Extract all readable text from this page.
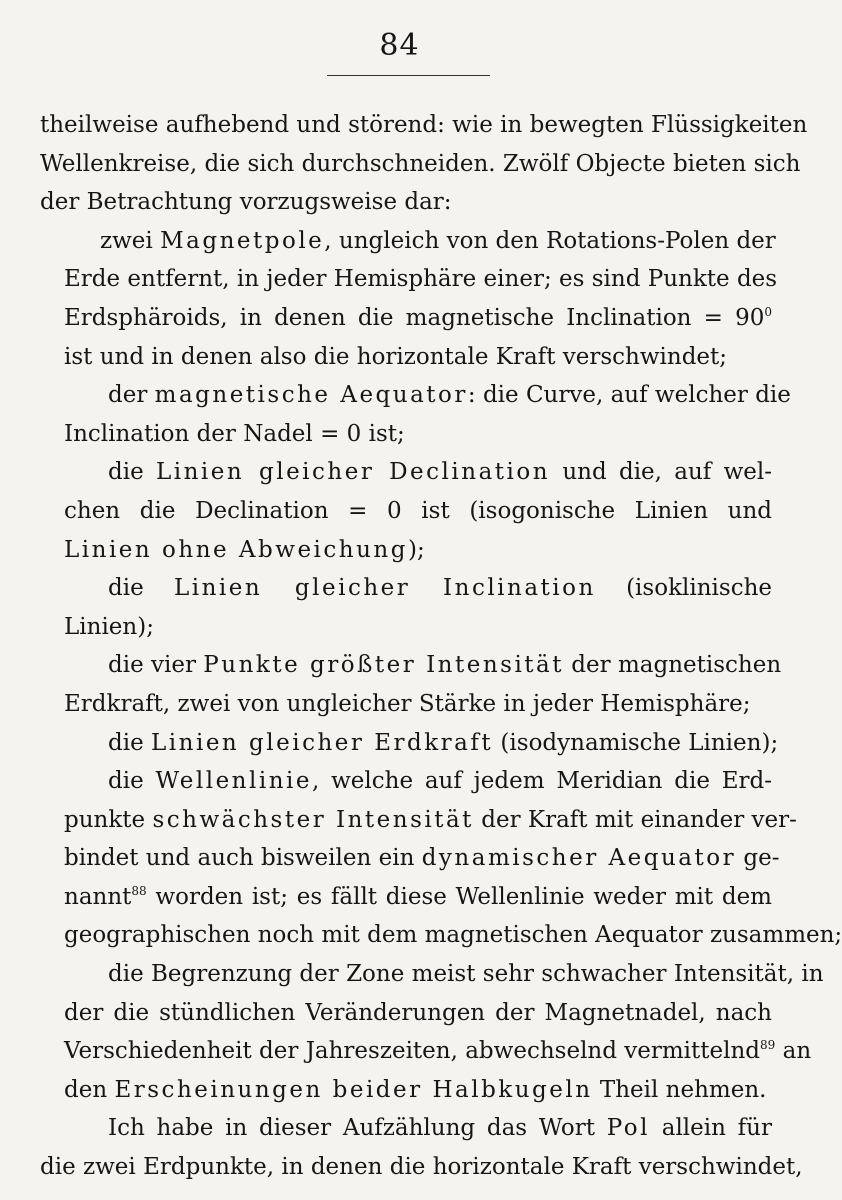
84
theilweise aufhebend und störend: wie in bewegten Flüssigkeiten
Wellenkreise, die sich durchschneiden. Zwölf Objecte bieten sich
der Betrachtung vorzugsweise dar:
zwei Magnetpole, ungleich von den Rotations-Polen der
Erde entfernt, in jeder Hemisphäre einer; es sind Punkte des
Erdsphäroids, in denen die magnetische Inclination = $90^0$
ist und in denen also die horizontale Kraft verschwindet;
der magnetische Aequator: die Curve, auf welcher die
Inclination der Nadel = 0 ist;
die Linien gleicher Declination und die, auf wel-
chen die Declination = 0 ist (isogonische Linien und
Linien ohne Abweichung);
die Linien gleicher Inclination (isoklinische
Linien);
die vier Punkte größter Intensität der magnetischen
Erdkraft, zwei von ungleicher Stärke in jeder Hemisphäre;
die Linien gleicher Erdkraft (isodynamische Linien);
die Wellenlinie, welche auf jedem Meridian die Erd-
punkte schwächster Intensität der Kraft mit einander ver-
bindet und auch bisweilen ein dynamischer Aequator ge-
nannt$^{88}$ worden ist; es fällt diese Wellenlinie weder mit dem
geographischen noch mit dem magnetischen Aequator zusammen;
die Begrenzung der Zone meist sehr schwacher Intensität, in
der die stündlichen Veränderungen der Magnetnadel, nach
Verschiedenheit der Jahreszeiten, abwechselnd vermittelnd$^{89}$ an
den Erscheinungen beider Halbkugeln Theil nehmen.
Ich habe in dieser Aufzählung das Wort Pol allein für
die zwei Erdpunkte, in denen die horizontale Kraft verschwindet,
